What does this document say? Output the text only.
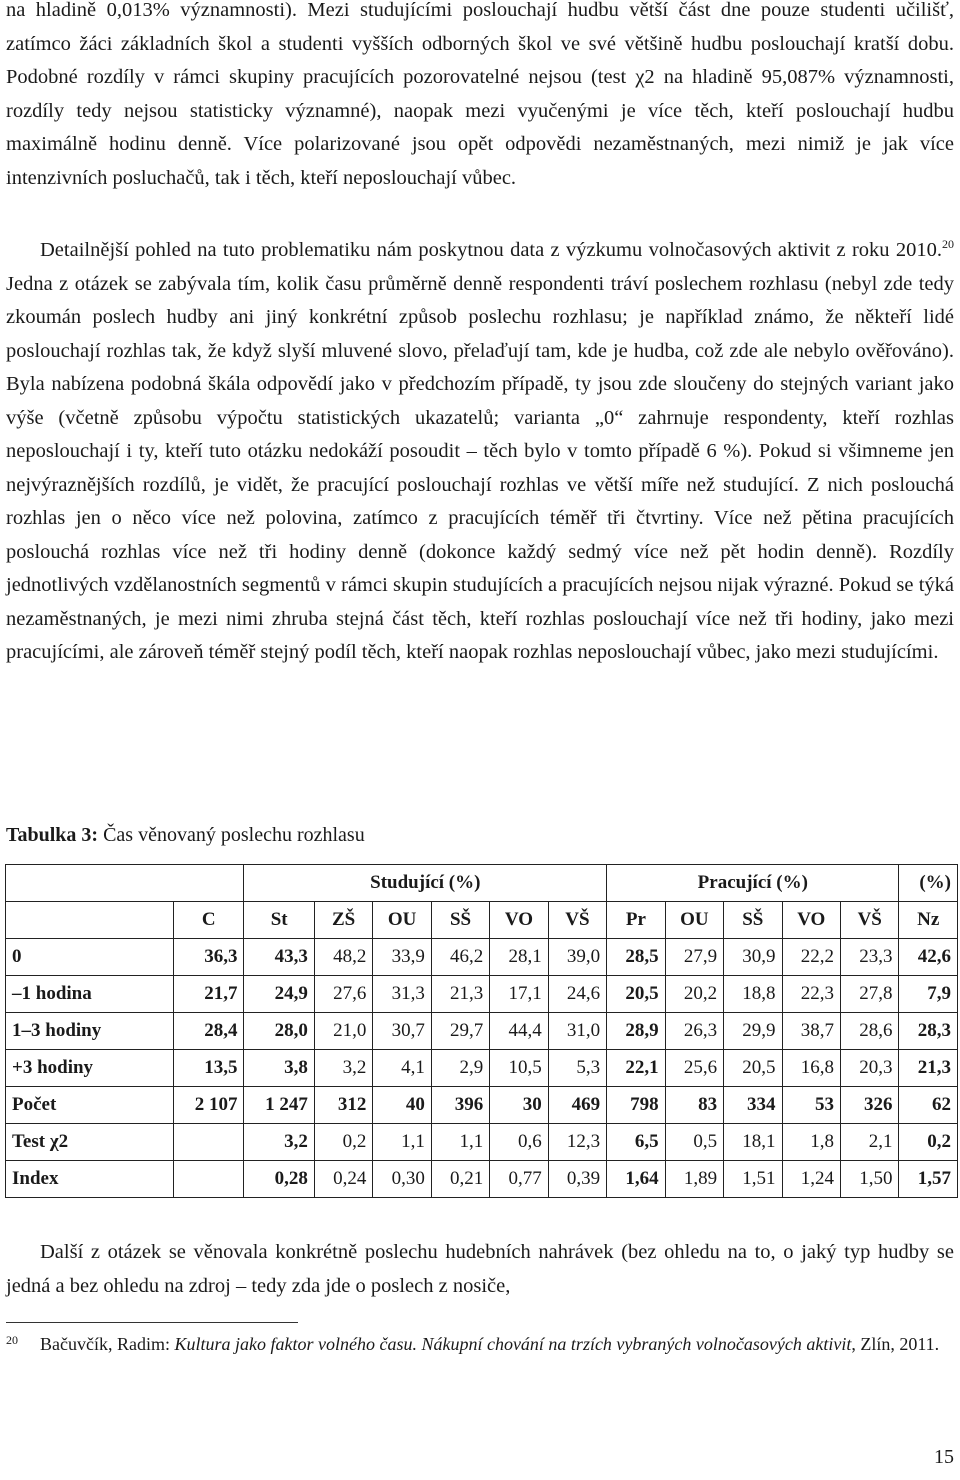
na hladině 0,013% významnosti). Mezi studujícími poslouchají hudbu větší část dne pouze studenti učilišť, zatímco žáci základních škol a studenti vyšších odborných škol ve své většině hudbu poslouchají kratší dobu. Podobné rozdíly v rámci skupiny pracujících pozorovatelné nejsou (test χ2 na hladině 95,087% významnosti, rozdíly tedy nejsou statisticky významné), naopak mezi vyučenými je více těch, kteří poslouchají hudbu maximálně hodinu denně. Více polarizované jsou opět odpovědi nezaměstnaných, mezi nimiž je jak více intenzivních posluchačů, tak i těch, kteří neposlouchají vůbec.

Detailnější pohled na tuto problematiku nám poskytnou data z výzkumu volnočasových aktivit z roku 2010.20 Jedna z otázek se zabývala tím, kolik času průměrně denně respondenti tráví poslechem rozhlasu (nebyl zde tedy zkoumán poslech hudby ani jiný konkrétní způsob poslechu rozhlasu; je například známo, že někteří lidé poslouchají rozhlas tak, že když slyší mluvené slovo, přelaďují tam, kde je hudba, což zde ale nebylo ověřováno). Byla nabízena podobná škála odpovědí jako v předchozím případě, ty jsou zde sloučeny do stejných variant jako výše (včetně způsobu výpočtu statistických ukazatelů; varianta „0“ zahrnuje respondenty, kteří rozhlas neposlouchají i ty, kteří tuto otázku nedokáží posoudit – těch bylo v tomto případě 6 %). Pokud si všimneme jen nejvýraznějších rozdílů, je vidět, že pracující poslouchají rozhlas ve větší míře než studující. Z nich poslouchá rozhlas jen o něco více než polovina, zatímco z pracujících téměř tři čtvrtiny. Více než pětina pracujících poslouchá rozhlas více než tři hodiny denně (dokonce každý sedmý více než pět hodin denně). Rozdíly jednotlivých vzdělanostních segmentů v rámci skupin studujících a pracujících nejsou nijak výrazné. Pokud se týká nezaměstnaných, je mezi nimi zhruba stejná část těch, kteří rozhlas poslouchají více než tři hodiny, jako mezi pracujícími, ale zároveň téměř stejný podíl těch, kteří naopak rozhlas neposlouchají vůbec, jako mezi studujícími.

Tabulka 3: Čas věnovaný poslechu rozhlasu

		Studující (%)						Pracující (%)					(%)
	C	St	ZŠ	OU	SŠ	VO	VŠ	Pr	OU	SŠ	VO	VŠ	Nz
0	36,3	43,3	48,2	33,9	46,2	28,1	39,0	28,5	27,9	30,9	22,2	23,3	42,6
–1 hodina	21,7	24,9	27,6	31,3	21,3	17,1	24,6	20,5	20,2	18,8	22,3	27,8	7,9
1–3 hodiny	28,4	28,0	21,0	30,7	29,7	44,4	31,0	28,9	26,3	29,9	38,7	28,6	28,3
+3 hodiny	13,5	3,8	3,2	4,1	2,9	10,5	5,3	22,1	25,6	20,5	16,8	20,3	21,3
Počet	2 107	1 247	312	40	396	30	469	798	83	334	53	326	62
Test χ2		3,2	0,2	1,1	1,1	0,6	12,3	6,5	0,5	18,1	1,8	2,1	0,2
Index		0,28	0,24	0,30	0,21	0,77	0,39	1,64	1,89	1,51	1,24	1,50	1,57

Další z otázek se věnovala konkrétně poslechu hudebních nahrávek (bez ohledu na to, o jaký typ hudby se jedná a bez ohledu na zdroj – tedy zda jde o poslech z nosiče,

20 Bačuvčík, Radim: Kultura jako faktor volného času. Nákupní chování na trzích vybraných volnočasových aktivit, Zlín, 2011.
15
